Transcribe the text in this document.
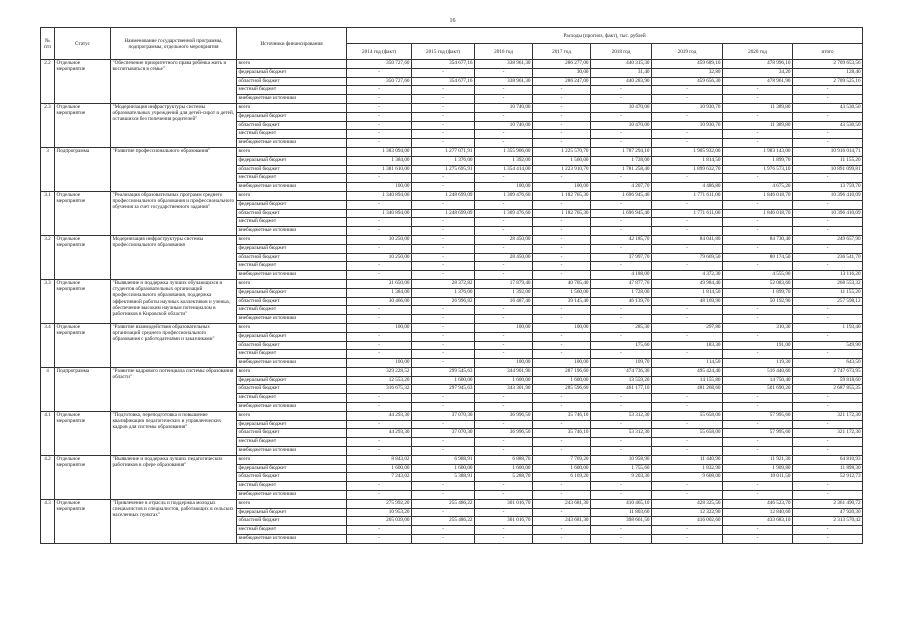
16
№ п/п	Статус	Наименование государственной программы, подпрограммы, отдельного мероприятия	Источники финансирования	Расходы (прогноз, факт), тыс. рублей							
				2014 год (факт)	2015 год (факт)	2016 год	2017 год	2018 год	2019 год	2020 год	итого
2.2	Отдельное мероприятие	"Обеспечение приоритетного права ребёнка жить и воспитываться в семье"	всего	350 727,60	354 677,16	338 961,30	286 277,00	440 315,30	459 689,10	478 996,10	2 709 653,56
			федеральный бюджет	-	-	-	30,00	31,40	32,80	34,20	128,40
			областной бюджет	350 727,60	354 677,16	338 961,30	286 247,00	440 283,90	459 656,30	478 961,90	2 709 525,16
			местный бюджет	-	-	-	-	-	-	-	-
			внебюджетные источники	-	-	-	-	-	-	-	-
2.3	Отдельное мероприятие	"Модернизация инфраструктуры системы образовательных учреждений для детей-сирот и детей, оставшихся без попечения родителей"	всего	-	-	10 740,00	-	10 470,00	10 930,70	11 389,80	43 530,50
			федеральный бюджет	-	-	-	-	-	-	-	-
			областной бюджет	-	-	10 740,00	-	10 470,00	10 930,70	11 389,80	43 530,50
			местный бюджет	-	-	-	-	-	-	-	-
			внебюджетные источники	-	-	-	-	-	-	-	-
3	Подпрограмма	"Развитие профессионального образования"	всего	1 383 094,00	1 277 071,91	1 355 906,00	1 225 570,70	1 787 294,10	1 905 932,00	1 983 143,00	10 916 014,71
			федеральный бюджет	1 384,00	1 376,00	1 392,00	1 560,00	1 728,00	1 814,50	1 899,70	11 155,20
			областной бюджет	1 381 610,00	1 275 695,91	1 354 414,00	1 223 910,70	1 781 258,40	1 899 632,70	1 976 573,10	10 891 099,81
			местный бюджет	-	-	-	-	-	-	-	-
			внебюджетные источники	100,00	-	100,00	100,00	4 207,70	4 486,80	4 675,20	13 759,70
3.1	Отдельное мероприятие	"Реализация образовательных программ среднего профессионального образования и профессионального обучения за счет государственного задания"	всего	1 340 894,00	1 248 699,09	1 309 476,60	1 182 765,30	1 696 945,40	1 771 611,00	1 846 018,70	10 396 410,09
			федеральный бюджет	-	-	-	-	-	-	-	-
			областной бюджет	1 340 894,00	1 248 699,09	1 309 476,60	1 182 765,30	1 696 945,40	1 771 611,00	1 846 018,70	10 396 410,09
			местный бюджет	-	-	-	-	-	-	-	-
			внебюджетные источники	-	-	-	-	-	-	-	-
3.2	Отдельное мероприятие	Модернизация инфраструктуры системы профессионального образования	всего	10 250,00	-	28 450,00	-	42 185,70	84 041,80	84 730,40	249 657,90
			федеральный бюджет	-	-	-	-	-	-	-	-
			областной бюджет	10 250,00	-	28 450,00	-	37 997,70	79 669,50	80 174,50	236 541,70
			местный бюджет	-	-	-	-	-	-	-	-
			внебюджетные источники	-	-	-	-	4 188,00	4 372,30	4 555,90	13 116,20
3.3	Отдельное мероприятие	"Выявление и поддержка лучших обучающихся и студентов образовательных организаций профессионального образования, поддержка эффективной работы научных коллективов и ученых, обеспечение высоким научным потенциалом в работников в Кировской области"	всего	31 650,00	28 372,82	17 879,40	40 705,40	47 877,70	49 984,40	52 083,60	268 553,32
			федеральный бюджет	1 384,00	1 376,00	1 392,00	1 560,00	1 728,00	1 814,50	1 899,70	11 155,20
			областной бюджет	30 466,00	26 996,82	16 487,40	39 145,40	46 139,70	48 169,90	50 192,90	257 598,12
			местный бюджет	-	-	-	-	-	-	-	-
			внебюджетные источники	-	-	-	-	-	-	-	-

3.4	Отдельное мероприятие	"Развитие взаимодействия образовательных организаций среднего профессионального образования с работодателями и заказчиками"	всего	100,00	-	100,00	100,00	285,30	297,80	310,30	1 193,40
			федеральный бюджет	-	-	-	-	-	-	-	-
			областной бюджет	-	-	-	-	175,60	183,30	191,00	549,90
			местный бюджет	-	-	-	-	-	-	-	-
			внебюджетные источники	100,00	-	100,00	100,00	109,70	114,50	119,30	643,50
4	Подпрограмма	"Развитие кадрового потенциала системы образования области"	всего	329 228,52	299 545,63	344 901,90	287 196,60	474 736,30	495 424,40	516 440,60	2 747 673,95
			федеральный бюджет	12 553,20	1 600,00	1 600,00	1 600,00	13 559,20	14 155,80	14 750,40	59 818,60
			областной бюджет	316 675,32	297 945,63	343 301,90	285 596,60	461 177,10	481 268,60	501 690,20	2 687 855,35
			местный бюджет	-	-	-	-	-	-	-	-
			внебюджетные источники	-	-	-	-	-	-	-	-
4.1	Отдельное мероприятие	"Подготовка, переподготовка и повышение квалификации педагогических и управленческих кадров для системы образования"	всего	44 293,30	37 070,30	36 996,50	35 746,10	53 312,30	55 658,00	57 995,60	321 172,30
			федеральный бюджет	-	-	-	-	-	-	-	-
			областной бюджет	44 293,30	37 070,30	36 996,50	35 746,10	53 312,30	55 658,00	57 995,60	321 172,30
			местный бюджет	-	-	-	-	-	-	-	-
			внебюджетные источники	-	-	-	-	-	-	-	-
4.2	Отдельное мероприятие	"Выявление и поддержка лучших педагогических работников в сфере образования"	всего	8 843,02	6 988,91	6 888,70	7 769,20	10 958,90	11 440,90	11 921,30	64 810,93
			федеральный бюджет	1 600,00	1 600,00	1 600,00	1 600,00	1 755,60	1 832,90	1 909,80	11 898,30
			областной бюджет	7 243,02	5 388,91	5 288,70	6 169,20	9 203,30	9 608,00	10 011,50	52 912,73
			местный бюджет	-	-	-	-	-	-	-	-
			внебюджетные источники	-	-	-	-	-	-	-	-
4.3	Отдельное мероприятие	"Привлечение в отрасль и поддержка молодых специалистов и специалистов, работающих в сельских населенных пунктах"	всего	275 992,20	255 486,22	301 016,70	243 681,30	410 465,10	428 325,50	446 523,70	2 361 490,72
			федеральный бюджет	10 953,20	-	-	-	11 803,60	12 322,90	12 840,60	47 920,30
			областной бюджет	265 039,00	255 486,22	301 016,70	243 681,30	398 661,50	416 002,60	433 683,10	2 313 570,42
			местный бюджет	-	-	-	-	-	-	-	-
			внебюджетные источники	-	-	-	-	-	-	-	-
